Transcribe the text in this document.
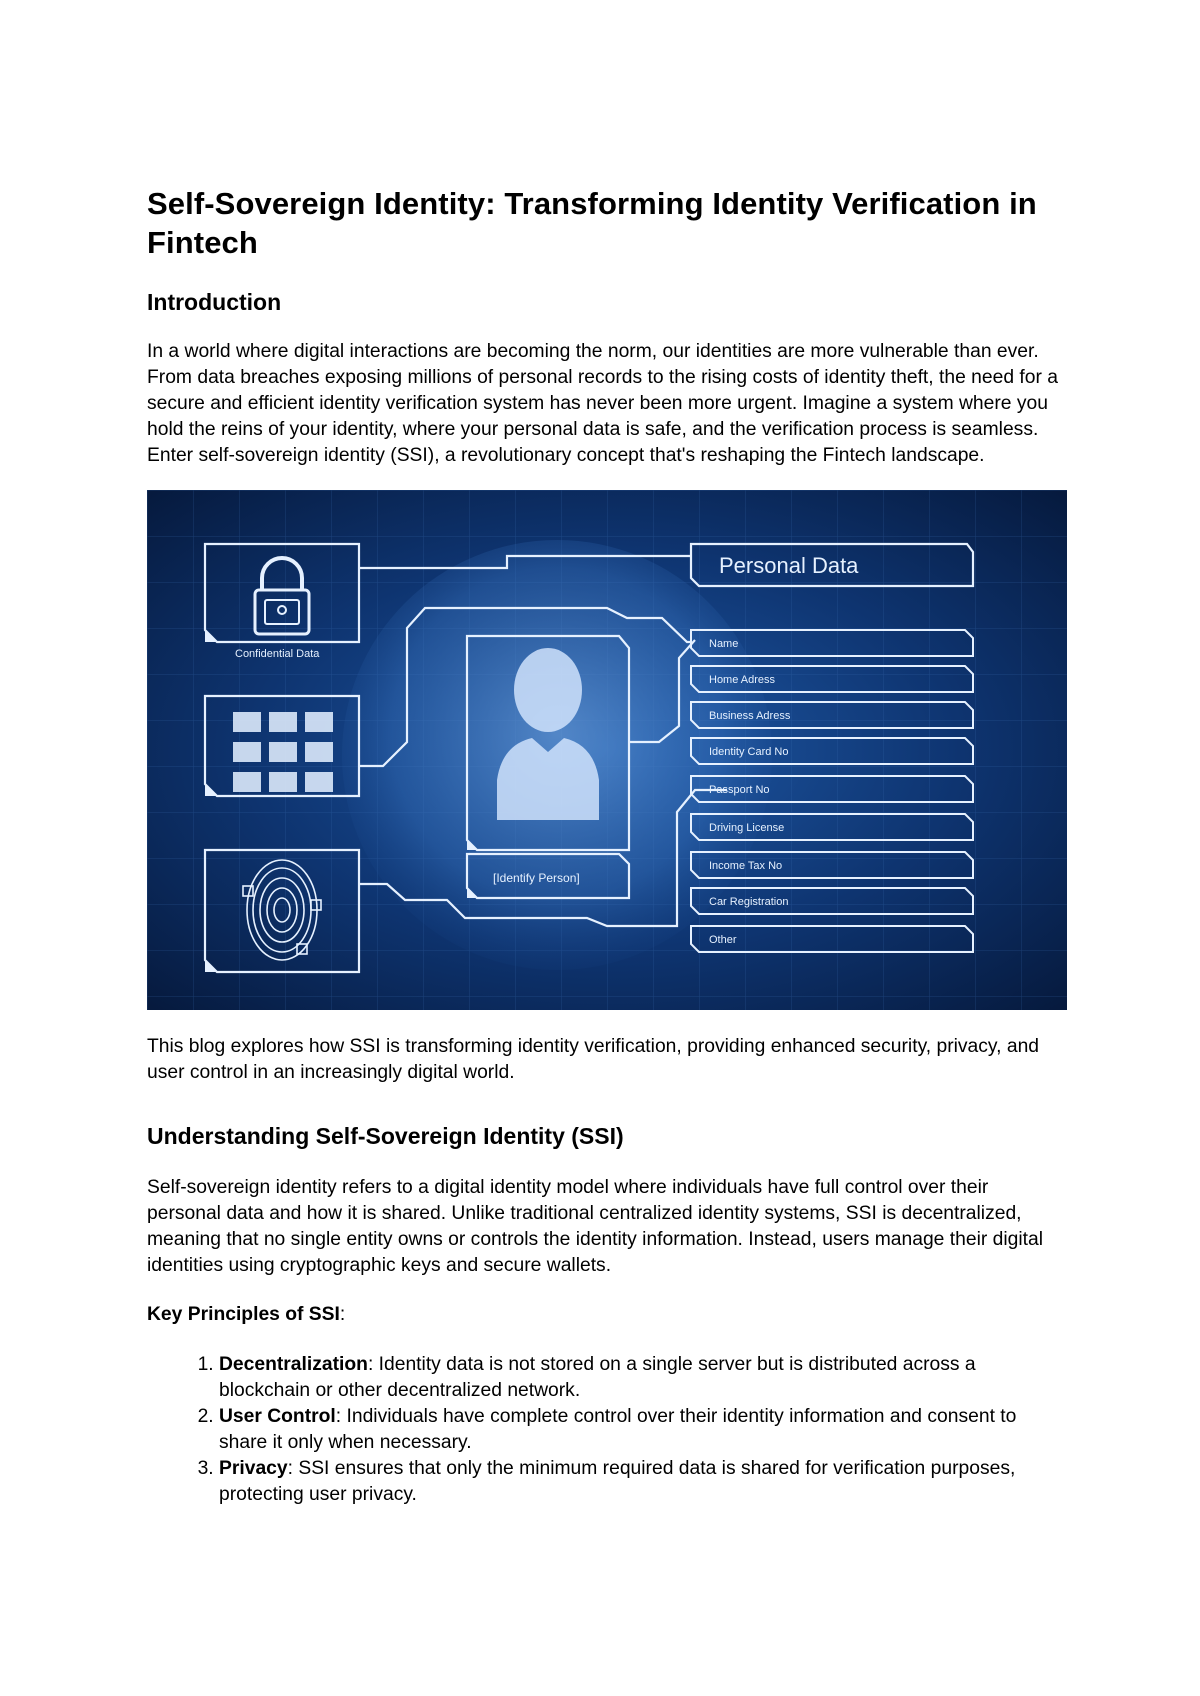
Self-Sovereign Identity: Transforming Identity Verification in Fintech
Introduction

In a world where digital interactions are becoming the norm, our identities are more vulnerable than ever. From data breaches exposing millions of personal records to the rising costs of identity theft, the need for a secure and efficient identity verification system has never been more urgent. Imagine a system where you hold the reins of your identity, where your personal data is safe, and the verification process is seamless. Enter self-sovereign identity (SSI), a revolutionary concept that's reshaping the Fintech landscape.

Personal Data
Confidential Data
[Identify Person]
Name
Home Adress
Business Adress
Identity Card No
Passport No
Driving License
Income Tax No
Car Registration
Other

This blog explores how SSI is transforming identity verification, providing enhanced security, privacy, and user control in an increasingly digital world.

Understanding Self-Sovereign Identity (SSI)

Self-sovereign identity refers to a digital identity model where individuals have full control over their personal data and how it is shared. Unlike traditional centralized identity systems, SSI is decentralized, meaning that no single entity owns or controls the identity information. Instead, users manage their digital identities using cryptographic keys and secure wallets.

Key Principles of SSI:

1. Decentralization: Identity data is not stored on a single server but is distributed across a blockchain or other decentralized network.
2. User Control: Individuals have complete control over their identity information and consent to share it only when necessary.
3. Privacy: SSI ensures that only the minimum required data is shared for verification purposes, protecting user privacy.
